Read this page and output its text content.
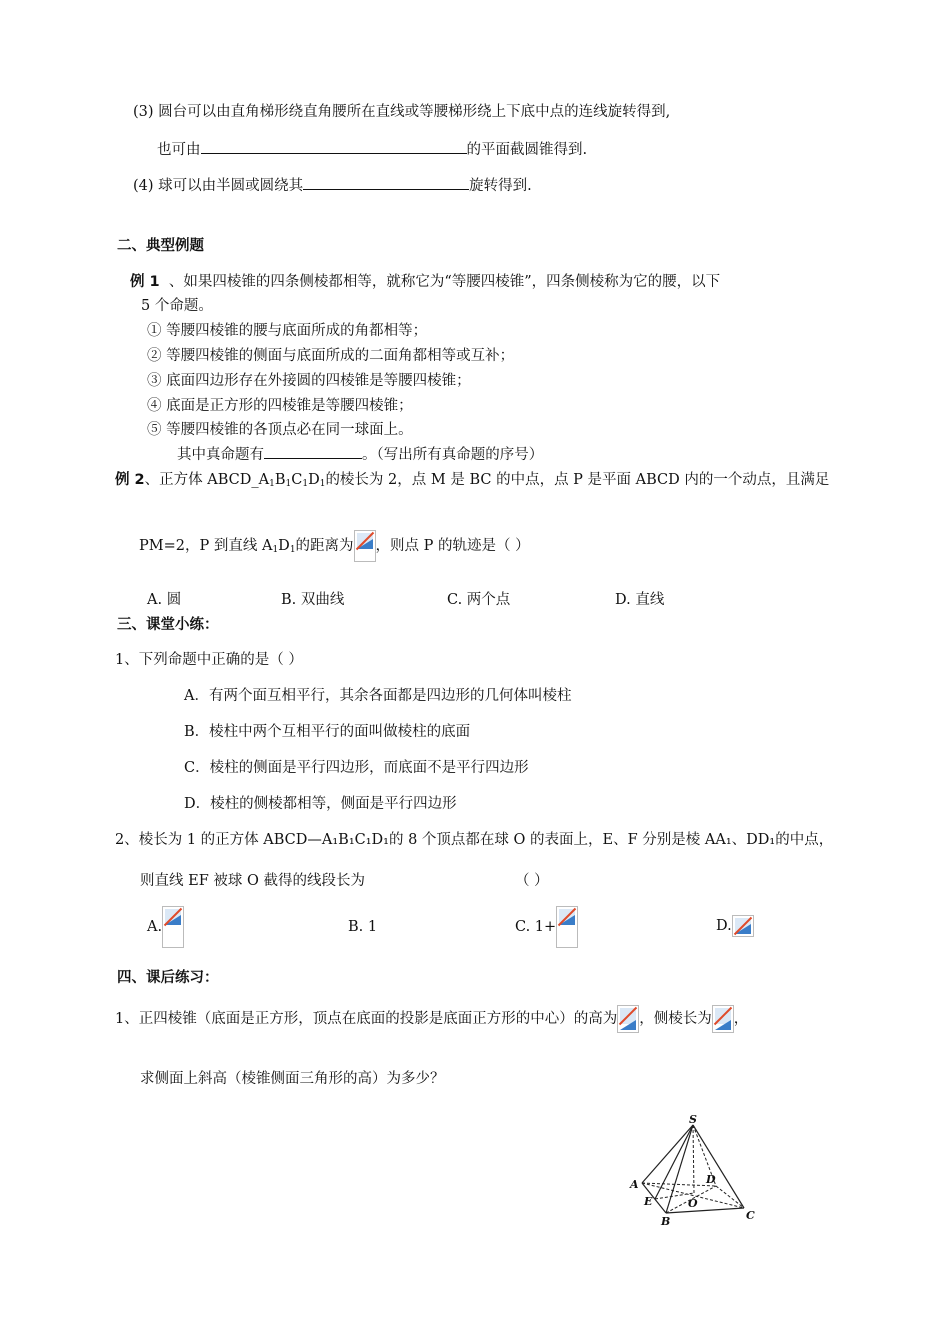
(3) 圆台可以由直角梯形绕直角腰所在直线或等腰梯形绕上下底中点的连线旋转得到,
也可由	的平面截圆锥得到.
(4) 球可以由半圆或圆绕其	旋转得到.
二、典型例题
例 1 、如果四棱锥的四条侧棱都相等，就称它为“等腰四棱锥”，四条侧棱称为它的腰，以下
5 个命题。
① 等腰四棱锥的腰与底面所成的角都相等；
② 等腰四棱锥的侧面与底面所成的二面角都相等或互补；
③ 底面四边形存在外接圆的四棱锥是等腰四棱锥；
④ 底面是正方形的四棱锥是等腰四棱锥；
⑤ 等腰四棱锥的各顶点必在同一球面上。
其中真命题有	。（写出所有真命题的序号）
例 2、正方体 $ABCD\_A_1B_1C_1D_1$的棱长为 2，点 M 是 BC 的中点，点 P 是平面 ABCD 内的一个动点，且满足
PM=2，P 到直线 $A_1D_1$的距离为 ，则点 P 的轨迹是（ ）
A. 圆	B. 双曲线	C. 两个点	D. 直线
三、课堂小练：
1、下列命题中正确的是（ ）
A．有两个面互相平行，其余各面都是四边形的几何体叫棱柱
B．棱柱中两个互相平行的面叫做棱柱的底面
C．棱柱的侧面是平行四边形，而底面不是平行四边形
D．棱柱的侧棱都相等，侧面是平行四边形
2、棱长为 1 的正方体 ABCD—A₁B₁C₁D₁的 8 个顶点都在球 O 的表面上，E、F 分别是棱 AA₁、DD₁的中点，
则直线 EF 被球 O 截得的线段长为	（ ）
A.	B. 1	C. 1+	D.
四、课后练习：
1、正四棱锥（底面是正方形，顶点在底面的投影是底面正方形的中心）的高为 ，侧棱长为 ，
求侧面上斜高（棱锥侧面三角形的高）为多少？
S
A	D
E	O
B	C
